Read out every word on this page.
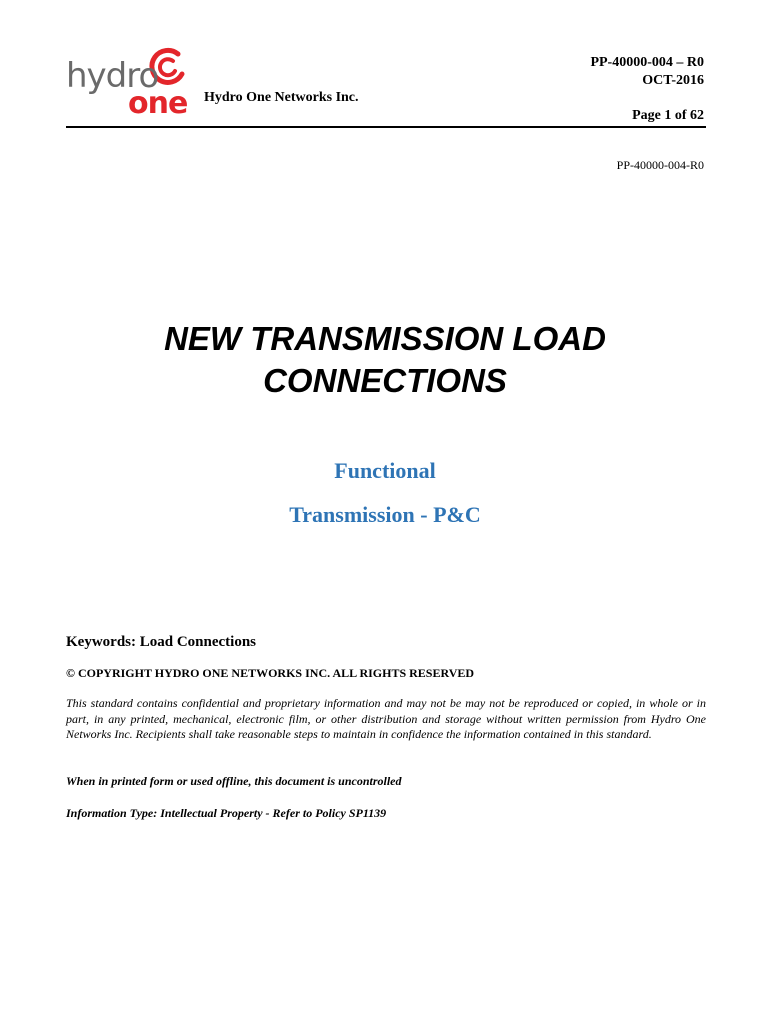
hydro
one Hydro One Networks Inc.
PP-40000-004 – R0
OCT-2016
Page 1 of 62
PP-40000-004-R0
NEW TRANSMISSION LOAD
CONNECTIONS
Functional
Transmission - P&C
Keywords: Load Connections
© COPYRIGHT HYDRO ONE NETWORKS INC. ALL RIGHTS RESERVED
This standard contains confidential and proprietary information and may not be may not be reproduced or copied, in whole or in part, in any printed, mechanical, electronic film, or other distribution and storage without written permission from Hydro One Networks Inc. Recipients shall take reasonable steps to maintain in confidence the information contained in this standard.
When in printed form or used offline, this document is uncontrolled
Information Type: Intellectual Property - Refer to Policy SP1139
